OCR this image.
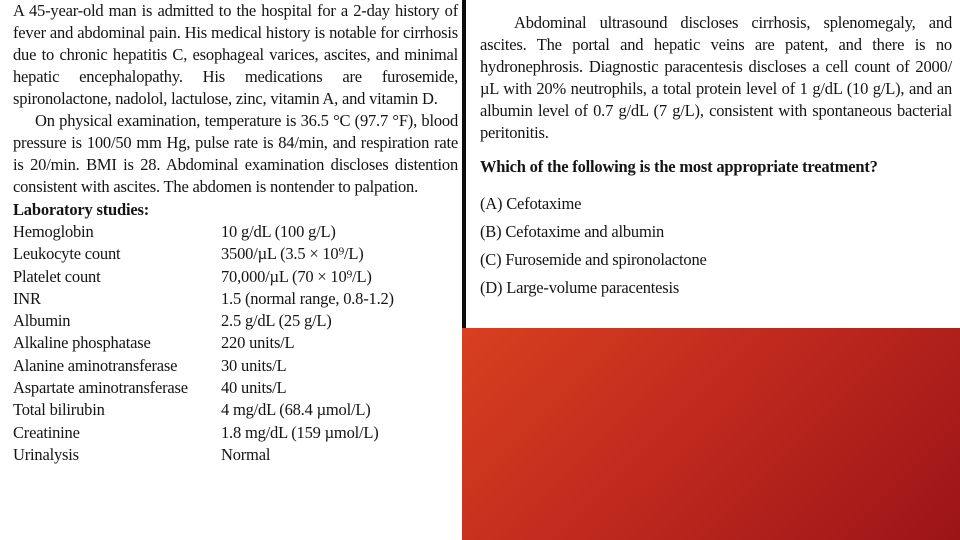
A 45-year-old man is admitted to the hospital for a 2-day history of fever and abdominal pain. His medical history is notable for cirrhosis due to chronic hepatitis C, esophageal varices, ascites, and minimal hepatic encephalopathy. His medications are furosemide, spironolactone, nadolol, lactulose, zinc, vitamin A, and vitamin D.

On physical examination, temperature is 36.5 °C (97.7 °F), blood pressure is 100/50 mm Hg, pulse rate is 84/min, and respiration rate is 20/min. BMI is 28. Abdominal examination discloses distention consistent with ascites. The abdomen is nontender to palpation.

Laboratory studies:
Hemoglobin	10 g/dL (100 g/L)
Leukocyte count	3500/µL (3.5 × 10⁹/L)
Platelet count	70,000/µL (70 × 10⁹/L)
INR	1.5 (normal range, 0.8-1.2)
Albumin	2.5 g/dL (25 g/L)
Alkaline phosphatase	220 units/L
Alanine aminotransferase	30 units/L
Aspartate aminotransferase	40 units/L
Total bilirubin	4 mg/dL (68.4 µmol/L)
Creatinine	1.8 mg/dL (159 µmol/L)
Urinalysis	Normal

Abdominal ultrasound discloses cirrhosis, splenomegaly, and ascites. The portal and hepatic veins are patent, and there is no hydronephrosis. Diagnostic paracentesis discloses a cell count of 2000/µL with 20% neutrophils, a total protein level of 1 g/dL (10 g/L), and an albumin level of 0.7 g/dL (7 g/L), consistent with spontaneous bacterial peritonitis.

Which of the following is the most appropriate treatment?

(A) Cefotaxime
(B) Cefotaxime and albumin
(C) Furosemide and spironolactone
(D) Large-volume paracentesis
